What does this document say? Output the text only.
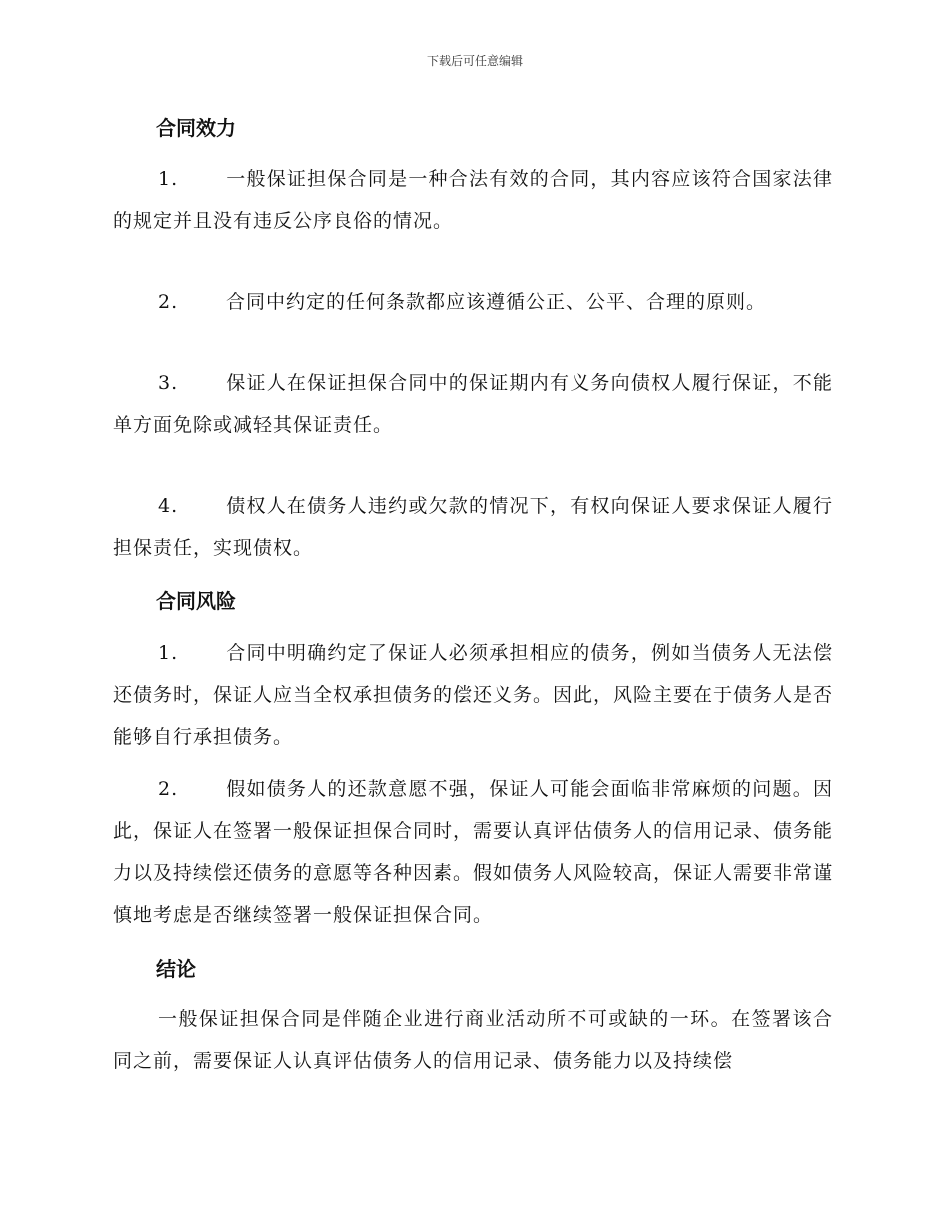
下载后可任意编辑
合同效力

1.	一般保证担保合同是一种合法有效的合同，其内容应该符合国家法律的规定并且没有违反公序良俗的情况。

2.	合同中约定的任何条款都应该遵循公正、公平、合理的原则。

3.	保证人在保证担保合同中的保证期内有义务向债权人履行保证，不能单方面免除或减轻其保证责任。

4.	债权人在债务人违约或欠款的情况下，有权向保证人要求保证人履行担保责任，实现债权。

合同风险

1.	合同中明确约定了保证人必须承担相应的债务，例如当债务人无法偿还债务时，保证人应当全权承担债务的偿还义务。因此，风险主要在于债务人是否能够自行承担债务。

2.	假如债务人的还款意愿不强，保证人可能会面临非常麻烦的问题。因此，保证人在签署一般保证担保合同时，需要认真评估债务人的信用记录、债务能力以及持续偿还债务的意愿等各种因素。假如债务人风险较高，保证人需要非常谨慎地考虑是否继续签署一般保证担保合同。

结论

一般保证担保合同是伴随企业进行商业活动所不可或缺的一环。在签署该合同之前，需要保证人认真评估债务人的信用记录、债务能力以及持续偿
